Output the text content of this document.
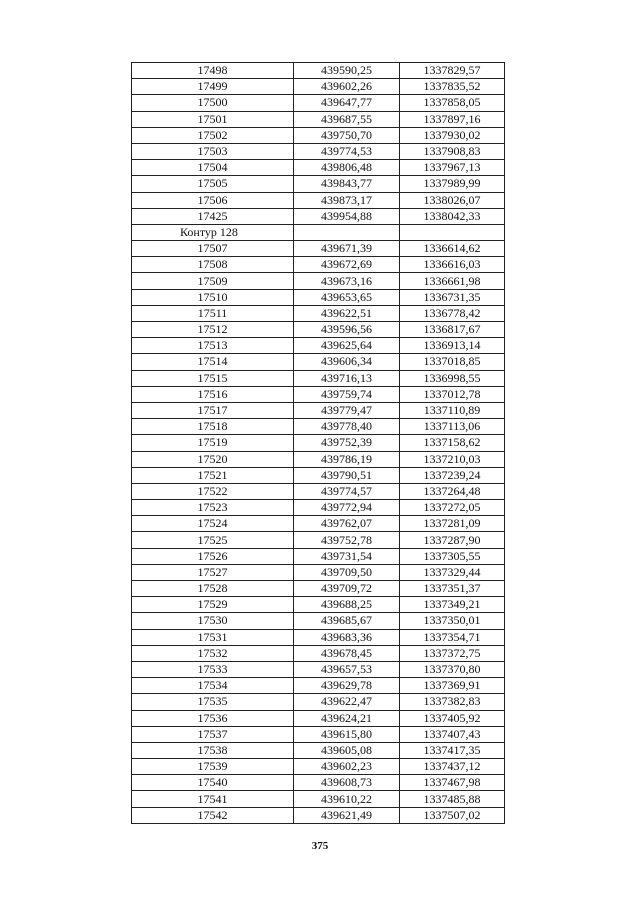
17498	439590,25	1337829,57
17499	439602,26	1337835,52
17500	439647,77	1337858,05
17501	439687,55	1337897,16
17502	439750,70	1337930,02
17503	439774,53	1337908,83
17504	439806,48	1337967,13
17505	439843,77	1337989,99
17506	439873,17	1338026,07
17425	439954,88	1338042,33
Контур 128		
17507	439671,39	1336614,62
17508	439672,69	1336616,03
17509	439673,16	1336661,98
17510	439653,65	1336731,35
17511	439622,51	1336778,42
17512	439596,56	1336817,67
17513	439625,64	1336913,14
17514	439606,34	1337018,85
17515	439716,13	1336998,55
17516	439759,74	1337012,78
17517	439779,47	1337110,89
17518	439778,40	1337113,06
17519	439752,39	1337158,62
17520	439786,19	1337210,03
17521	439790,51	1337239,24
17522	439774,57	1337264,48
17523	439772,94	1337272,05
17524	439762,07	1337281,09
17525	439752,78	1337287,90
17526	439731,54	1337305,55
17527	439709,50	1337329,44
17528	439709,72	1337351,37
17529	439688,25	1337349,21
17530	439685,67	1337350,01
17531	439683,36	1337354,71
17532	439678,45	1337372,75
17533	439657,53	1337370,80
17534	439629,78	1337369,91
17535	439622,47	1337382,83
17536	439624,21	1337405,92
17537	439615,80	1337407,43
17538	439605,08	1337417,35
17539	439602,23	1337437,12
17540	439608,73	1337467,98
17541	439610,22	1337485,88
17542	439621,49	1337507,02
375
